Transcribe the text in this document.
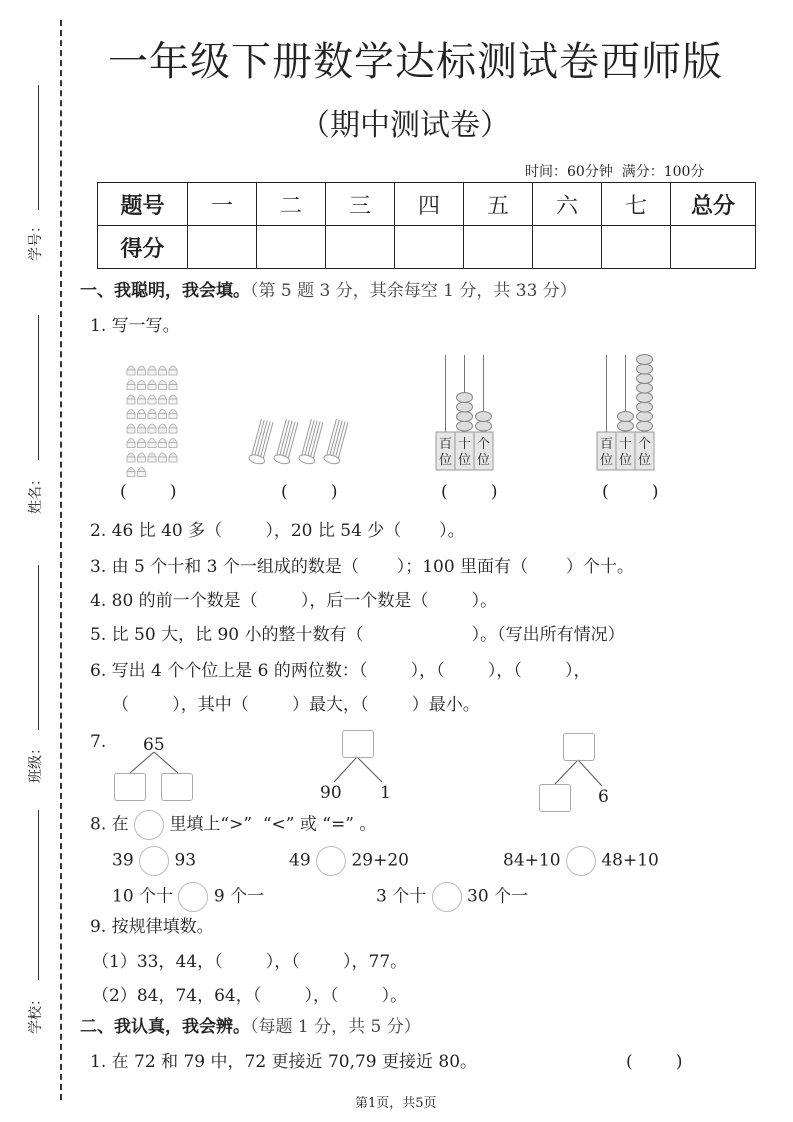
学号：
姓名：
班级：
学校：
一年级下册数学达标测试卷西师版
（期中测试卷）
时间：60分钟  满分：100分
题号	一	二	三	四	五	六	七	总分
得分								
一、我聪明，我会填。（第 5 题 3 分，其余每空 1 分，共 33 分）
1. 写一写。
百
位
十
位
个
位
百
位
十
位
个
位
(        )	(        )	(        )	(        )
2. 46 比 40 多（        ），20 比 54 少（       ）。
3. 由 5 个十和 3 个一组成的数是（       ）；100 里面有（       ）个十。
4. 80 的前一个数是（        ），后一个数是（        ）。
5. 比 50 大，比 90 小的整十数有（                    ）。（写出所有情况）
6. 写出 4 个个位上是 6 的两位数：（        ），（        ），（        ），
（        ），其中（        ）最大，（        ）最小。
7. 65
90 1	6
8. 在 里填上“>”  “<” 或 “=” 。
39 93	49 29+20	84+10 48+10
10 个十 9 个一	3 个十 30 个一
9. 按规律填数。
（1）33，44，（        ），（        ），77。
（2）84，74，64，（        ），（        ）。
二、我认真，我会辨。（每题 1 分，共 5 分）
1. 在 72 和 79 中，72 更接近 70,79 更接近 80。	(        )
第1页，共5页
